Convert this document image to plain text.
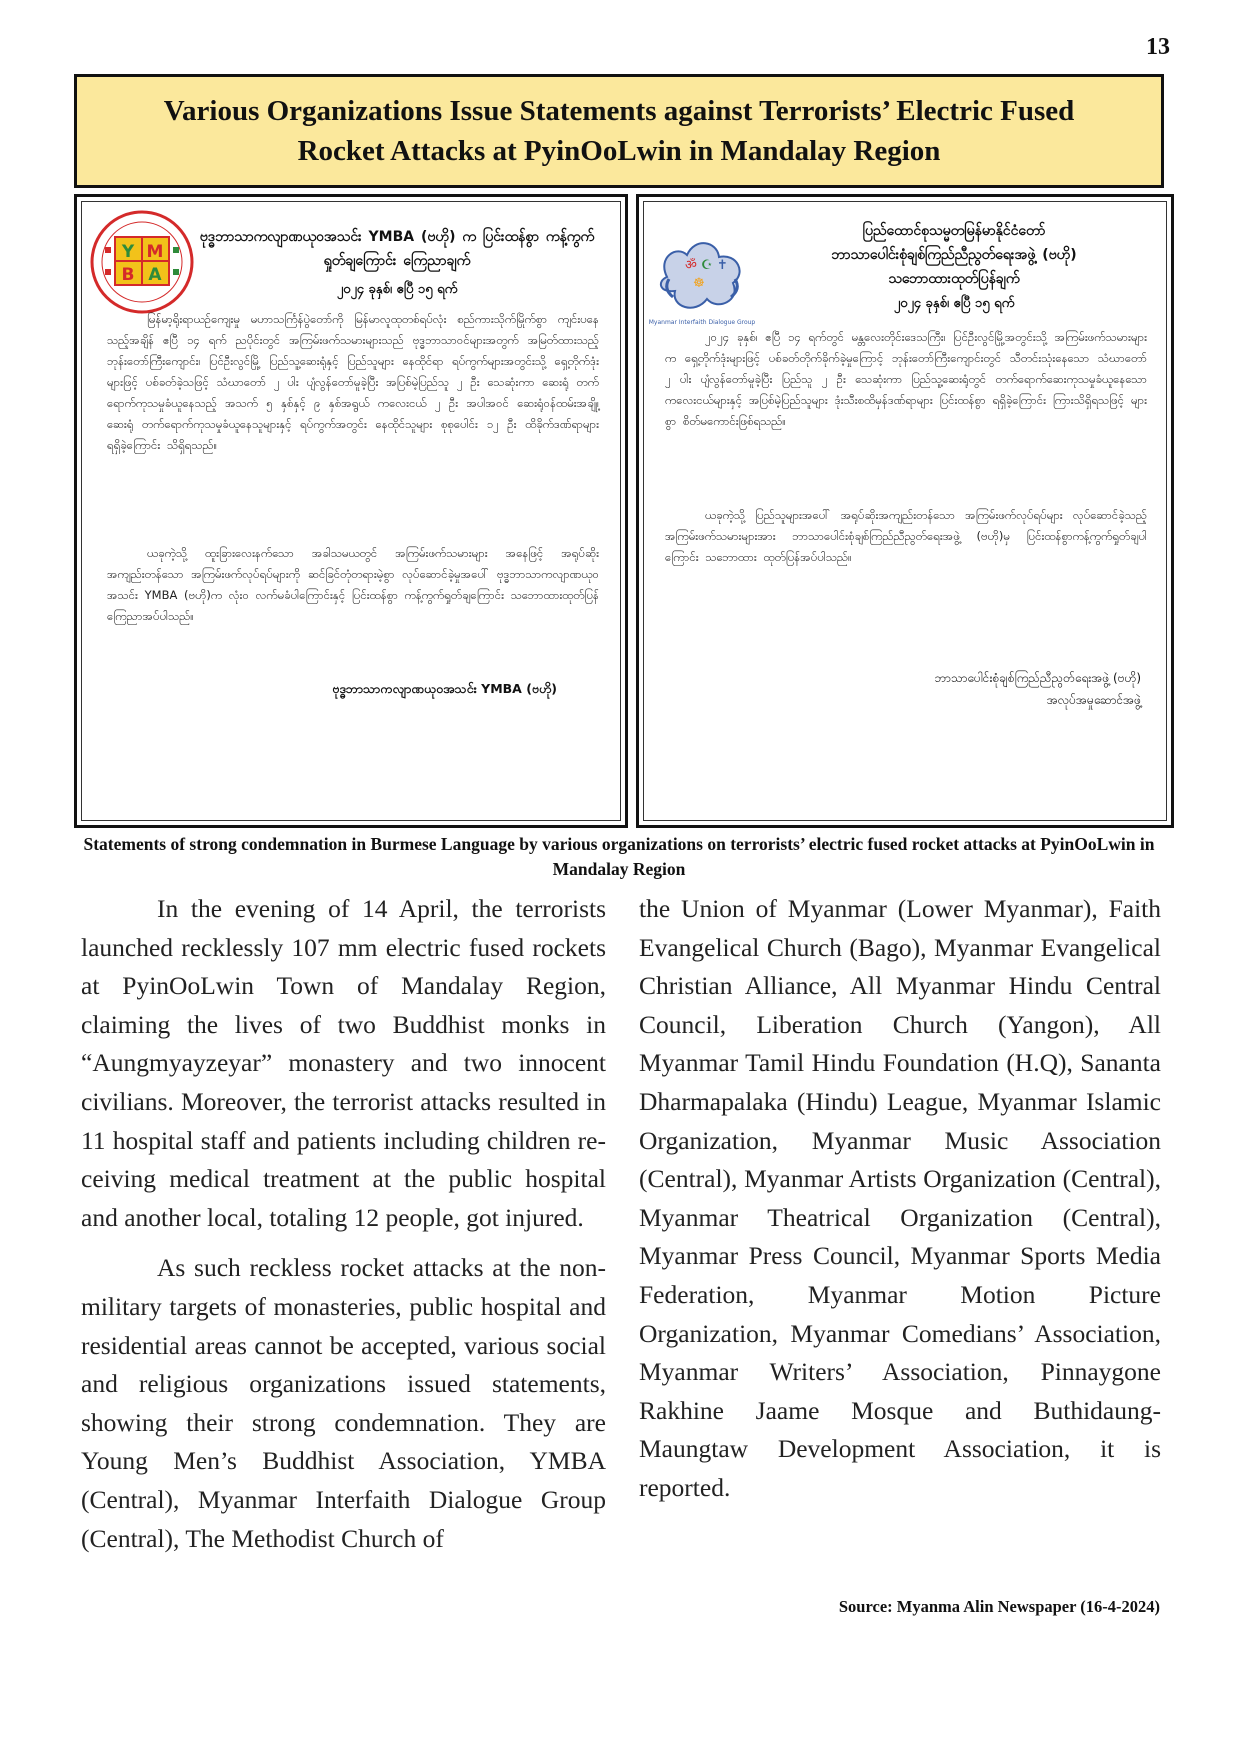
13
Various Organizations Issue Statements against Terrorists’ Electric Fused Rocket Attacks at PyinOoLwin in Mandalay Region
Y M
B A
ဗုဒ္ဓဘာသာကလျာဏယုဝအသင်း YMBA (ဗဟို) က ပြင်းထန်စွာ ကန့်ကွက်ရှုတ်ချကြောင်း ကြေညာချက်
၂၀၂၄ ခုနှစ်၊ ဧပြီ ၁၅ ရက်
မြန်မာ့ရိုးရာယဉ်ကျေးမှု မဟာသင်္ကြန်ပွဲတော်ကို မြန်မာလူထုတစ်ရပ်လုံး စည်ကားသိုက်မြိုက်စွာ ကျင်းပနေသည့်အချိန် ဧပြီ ၁၄ ရက် ညပိုင်းတွင် အကြမ်းဖက်သမားများသည် ဗုဒ္ဓဘာသာဝင်များအတွက် အမြတ်ထားသည့် ဘုန်းတော်ကြီးကျောင်း၊ ပြင်ဦးလွင်မြို့ ပြည်သူ့ဆေးရုံနှင့် ပြည်သူများ နေထိုင်ရာ ရပ်ကွက်များအတွင်းသို့ ရှေ့တိုက်ဒုံးများဖြင့် ပစ်ခတ်ခဲ့သဖြင့် သံဃာတော် ၂ ပါး ပျံလွန်တော်မူခဲ့ပြီး အပြစ်မဲ့ပြည်သူ ၂ ဦး သေဆုံးကာ ဆေးရုံ တက်ရောက်ကုသမှုခံယူနေသည့် အသက် ၅ နှစ်နှင့် ၉ နှစ်အရွယ် ကလေးငယ် ၂ ဦး အပါအဝင် ဆေးရုံဝန်ထမ်းအချို့၊ ဆေးရုံ တက်ရောက်ကုသမှုခံယူနေသူများနှင့် ရပ်ကွက်အတွင်း နေထိုင်သူများ စုစုပေါင်း ၁၂ ဦး ထိခိုက်ဒဏ်ရာများ ရရှိခဲ့ကြောင်း သိရှိရသည်။
ယခုကဲ့သို့ ထူးခြားလေးနက်သော အခါသမယတွင် အကြမ်းဖက်သမားများ အနေဖြင့် အရုပ်ဆိုး အကျည်းတန်သော အကြမ်းဖက်လုပ်ရပ်များကို ဆင်ခြင်တုံတရားမဲ့စွာ လုပ်ဆောင်ခဲ့မှုအပေါ် ဗုဒ္ဓဘာသာကလျာဏယုဝအသင်း YMBA (ဗဟို)က လုံးဝ လက်မခံပါကြောင်းနှင့် ပြင်းထန်စွာ ကန့်ကွက်ရှုတ်ချကြောင်း သဘောထားထုတ်ပြန် ကြေညာအပ်ပါသည်။
ဗုဒ္ဓဘာသာကလျာဏယုဝအသင်း YMBA (ဗဟို)
ॐ ☪ ✝
☸
Myanmar Interfaith Dialogue Group
ပြည်ထောင်စုသမ္မတမြန်မာနိုင်ငံတော်
ဘာသာပေါင်းစုံချစ်ကြည်ညီညွတ်ရေးအဖွဲ့ (ဗဟို)
သဘောထားထုတ်ပြန်ချက်
၂၀၂၄ ခုနှစ်၊ ဧပြီ ၁၅ ရက်
၂၀၂၄ ခုနှစ်၊ ဧပြီ ၁၄ ရက်တွင် မန္တလေးတိုင်းဒေသကြီး၊ ပြင်ဦးလွင်မြို့အတွင်းသို့ အကြမ်းဖက်သမားများက ရှေ့တိုက်ဒုံးများဖြင့် ပစ်ခတ်တိုက်ခိုက်ခဲ့မှုကြောင့် ဘုန်းတော်ကြီးကျောင်းတွင် သီတင်းသုံးနေသော သံဃာတော် ၂ ပါး ပျံလွန်တော်မူခဲ့ပြီး ပြည်သူ ၂ ဦး သေဆုံးကာ ပြည်သူ့ဆေးရုံတွင် တက်ရောက်ဆေးကုသမှုခံယူနေသော ကလေးငယ်များနှင့် အပြစ်မဲ့ပြည်သူများ ဒုံးသီးစထိမှန်ဒဏ်ရာများ ပြင်းထန်စွာ ရရှိခဲ့ကြောင်း ကြားသိရှိရသဖြင့် များစွာ စိတ်မကောင်းဖြစ်ရသည်။
ယခုကဲ့သို့ ပြည်သူများအပေါ် အရုပ်ဆိုးအကျည်းတန်သော အကြမ်းဖက်လုပ်ရပ်များ လုပ်ဆောင်ခဲ့သည့် အကြမ်းဖက်သမားများအား ဘာသာပေါင်းစုံချစ်ကြည်ညီညွတ်ရေးအဖွဲ့ (ဗဟို)မှ ပြင်းထန်စွာကန့်ကွက်ရှုတ်ချပါကြောင်း သဘောထား ထုတ်ပြန်အပ်ပါသည်။
ဘာသာပေါင်းစုံချစ်ကြည်ညီညွတ်ရေးအဖွဲ့ (ဗဟို)
အလုပ်အမှုဆောင်အဖွဲ့
Statements of strong condemnation in Burmese Language by various organizations on terrorists’ electric fused rocket attacks at PyinOoLwin in Mandalay Region

In the evening of 14 April, the terrorists launched recklessly 107 mm electric fused rockets at PyinOoLwin Town of Mandalay Region, claiming the lives of two Buddhist monks in “Aungmyayzeyar” monastery and two innocent civilians. Moreover, the terrorist attacks resulted in 11 hospital staff and patients including children receiving medical treatment at the public hospital and another local, totaling 12 people, got injured.

As such reckless rocket attacks at the non-military targets of monasteries, public hospital and residential areas cannot be accepted, various social and religious organizations issued statements, showing their strong condemnation. They are Young Men’s Buddhist Association, YMBA (Central), Myanmar Interfaith Dialogue Group (Central), The Methodist Church of

the Union of Myanmar (Lower Myanmar), Faith Evangelical Church (Bago), Myanmar Evangelical Christian Alliance, All Myanmar Hindu Central Council, Liberation Church (Yangon), All Myanmar Tamil Hindu Foundation (H.Q), Sananta Dharmapalaka (Hindu) League, Myanmar Islamic Organization, Myanmar Music Association (Central), Myanmar Artists Organization (Central), Myanmar Theatrical Organization (Central), Myanmar Press Council, Myanmar Sports Media Federation, Myanmar Motion Picture Organization, Myanmar Comedians’ Association, Myanmar Writers’ Association, Pinnaygone Rakhine Jaame Mosque and Buthidaung-Maungtaw Development Association, it is reported.

Source: Myanma Alin Newspaper (16-4-2024)
